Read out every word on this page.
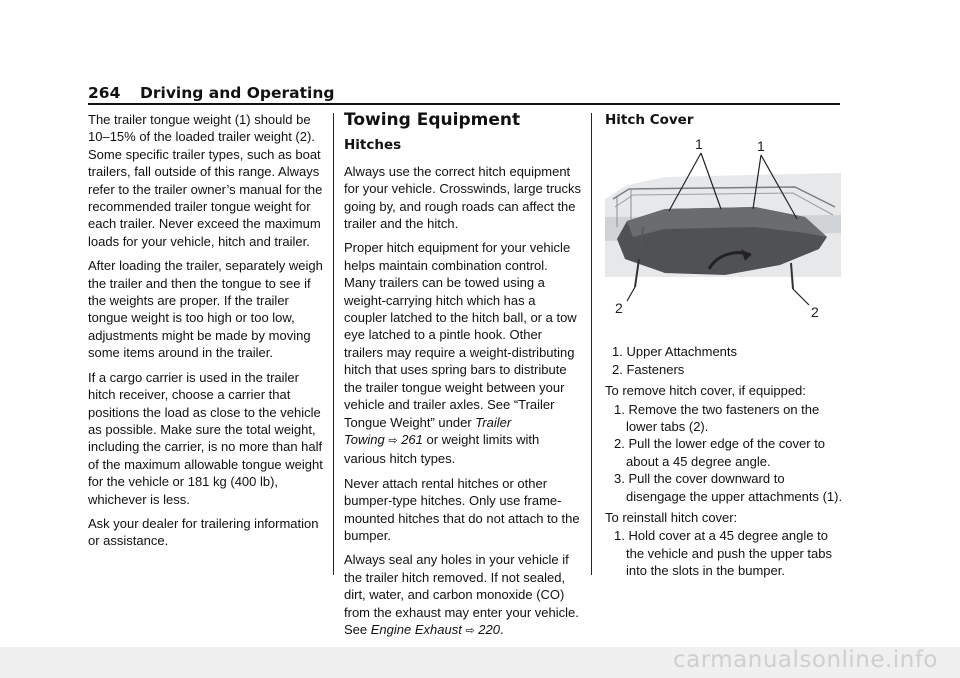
264 Driving and Operating

The trailer tongue weight (1) should be 10–15% of the loaded trailer weight (2). Some specific trailer types, such as boat trailers, fall outside of this range. Always refer to the trailer owner’s manual for the recommended trailer tongue weight for each trailer. Never exceed the maximum loads for your vehicle, hitch and trailer.

After loading the trailer, separately weigh the trailer and then the tongue to see if the weights are proper. If the trailer tongue weight is too high or too low, adjustments might be made by moving some items around in the trailer.

If a cargo carrier is used in the trailer hitch receiver, choose a carrier that positions the load as close to the vehicle as possible. Make sure the total weight, including the carrier, is no more than half of the maximum allowable tongue weight for the vehicle or 181 kg (400 lb), whichever is less.

Ask your dealer for trailering information or assistance.

Towing Equipment
Hitches

Always use the correct hitch equipment for your vehicle. Crosswinds, large trucks going by, and rough roads can affect the trailer and the hitch.

Proper hitch equipment for your vehicle helps maintain combination control. Many trailers can be towed using a weight-carrying hitch which has a coupler latched to the hitch ball, or a tow eye latched to a pintle hook. Other trailers may require a weight-distributing hitch that uses spring bars to distribute the trailer tongue weight between your vehicle and trailer axles. See “Trailer Tongue Weight” under Trailer Towing ⇨ 261 or weight limits with various hitch types.

Never attach rental hitches or other bumper-type hitches. Only use frame-mounted hitches that do not attach to the bumper.

Always seal any holes in your vehicle if the trailer hitch removed. If not sealed, dirt, water, and carbon monoxide (CO) from the exhaust may enter your vehicle. See Engine Exhaust ⇨ 220.

Hitch Cover
1	1
2	2
1. Upper Attachments
2. Fasteners

To remove hitch cover, if equipped:

1. Remove the two fasteners on the lower tabs (2).
2. Pull the lower edge of the cover to about a 45 degree angle.
3. Pull the cover downward to disengage the upper attachments (1).

To reinstall hitch cover:

1. Hold cover at a 45 degree angle to the vehicle and push the upper tabs into the slots in the bumper.
carmanualsonline.info
